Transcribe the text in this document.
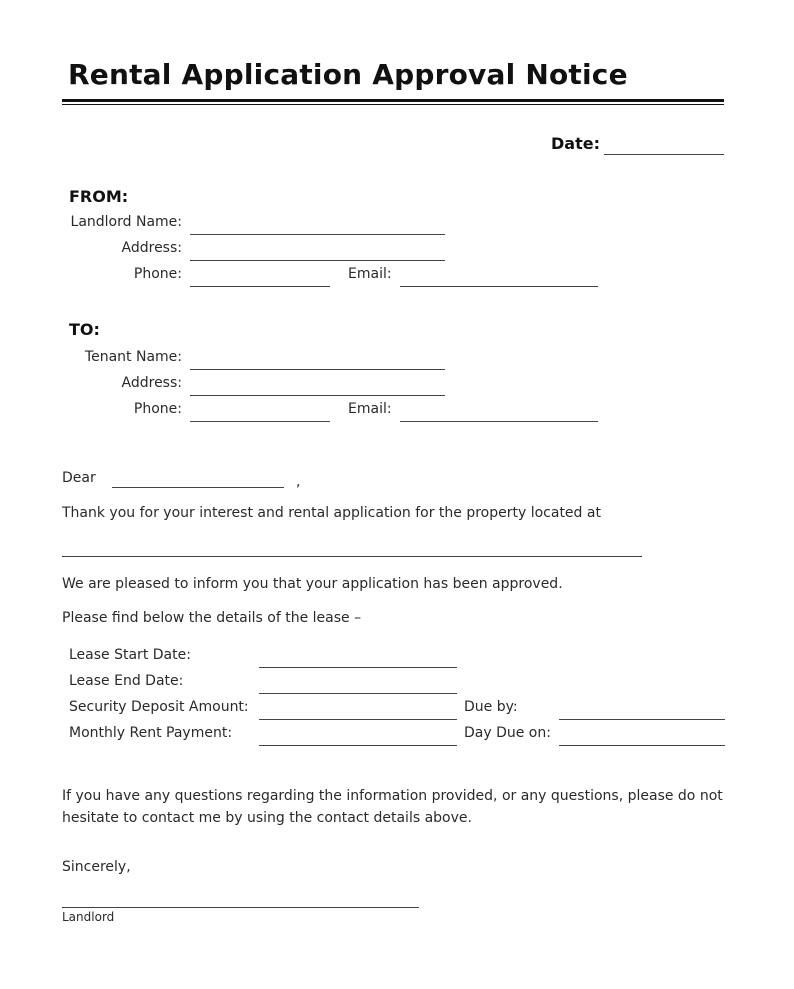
Rental Application Approval Notice
Date:
FROM:
Landlord Name:
Address:
Phone:	Email:
TO:
Tenant Name:
Address:
Phone:	Email:
Dear	,
Thank you for your interest and rental application for the property located at
We are pleased to inform you that your application has been approved.
Please find below the details of the lease –
Lease Start Date:
Lease End Date:
Security Deposit Amount:	Due by:
Monthly Rent Payment:	Day Due on:
If you have any questions regarding the information provided, or any questions, please do not
hesitate to contact me by using the contact details above.
Sincerely,
Landlord
